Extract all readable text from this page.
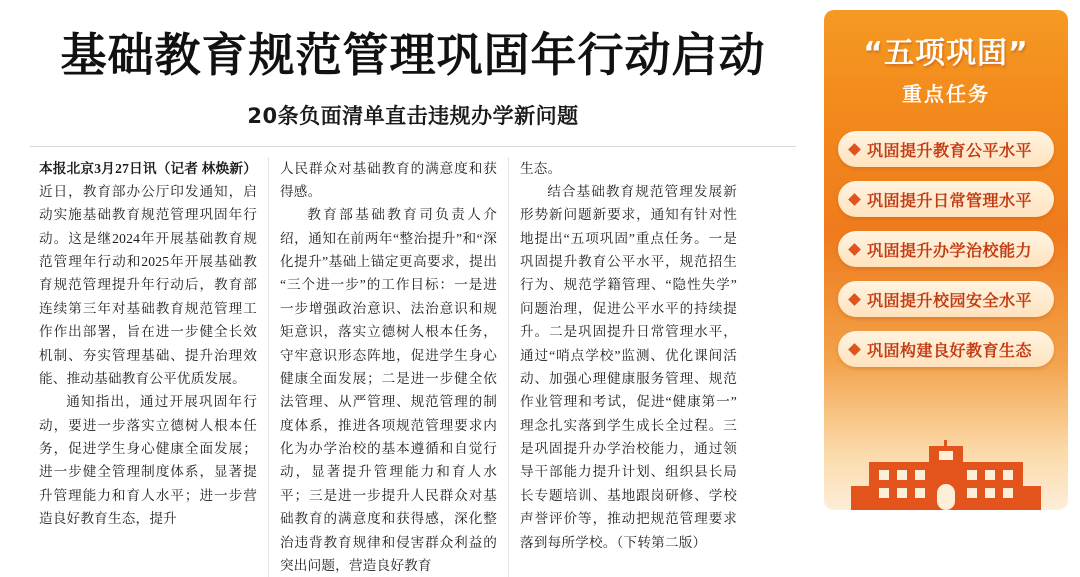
基础教育规范管理巩固年行动启动
20条负面清单直击违规办学新问题

本报北京3月27日讯（记者 林焕新）近日，教育部办公厅印发通知，启动实施基础教育规范管理巩固年行动。这是继2024年开展基础教育规范管理年行动和2025年开展基础教育规范管理提升年行动后，教育部连续第三年对基础教育规范管理工作作出部署，旨在进一步健全长效机制、夯实管理基础、提升治理效能、推动基础教育公平优质发展。

通知指出，通过开展巩固年行动，要进一步落实立德树人根本任务，促进学生身心健康全面发展；进一步健全管理制度体系，显著提升管理能力和育人水平；进一步营造良好教育生态，提升

人民群众对基础教育的满意度和获得感。

教育部基础教育司负责人介绍，通知在前两年“整治提升”和“深化提升”基础上锚定更高要求，提出“三个进一步”的工作目标：一是进一步增强政治意识、法治意识和规矩意识，落实立德树人根本任务，守牢意识形态阵地，促进学生身心健康全面发展；二是进一步健全依法管理、从严管理、规范管理的制度体系，推进各项规范管理要求内化为办学治校的基本遵循和自觉行动，显著提升管理能力和育人水平；三是进一步提升人民群众对基础教育的满意度和获得感，深化整治违背教育规律和侵害群众利益的突出问题，营造良好教育

生态。

结合基础教育规范管理发展新形势新问题新要求，通知有针对性地提出“五项巩固”重点任务。一是巩固提升教育公平水平，规范招生行为、规范学籍管理、“隐性失学”问题治理，促进公平水平的持续提升。二是巩固提升日常管理水平，通过“哨点学校”监测、优化课间活动、加强心理健康服务管理、规范作业管理和考试，促进“健康第一”理念扎实落到学生成长全过程。三是巩固提升办学治校能力，通过领导干部能力提升计划、组织县长局长专题培训、基地跟岗研修、学校声誉评价等，推动把规范管理要求落到每所学校。（下转第二版）

“五项巩固”
重点任务
巩固提升教育公平水平
巩固提升日常管理水平
巩固提升办学治校能力
巩固提升校园安全水平
巩固构建良好教育生态
